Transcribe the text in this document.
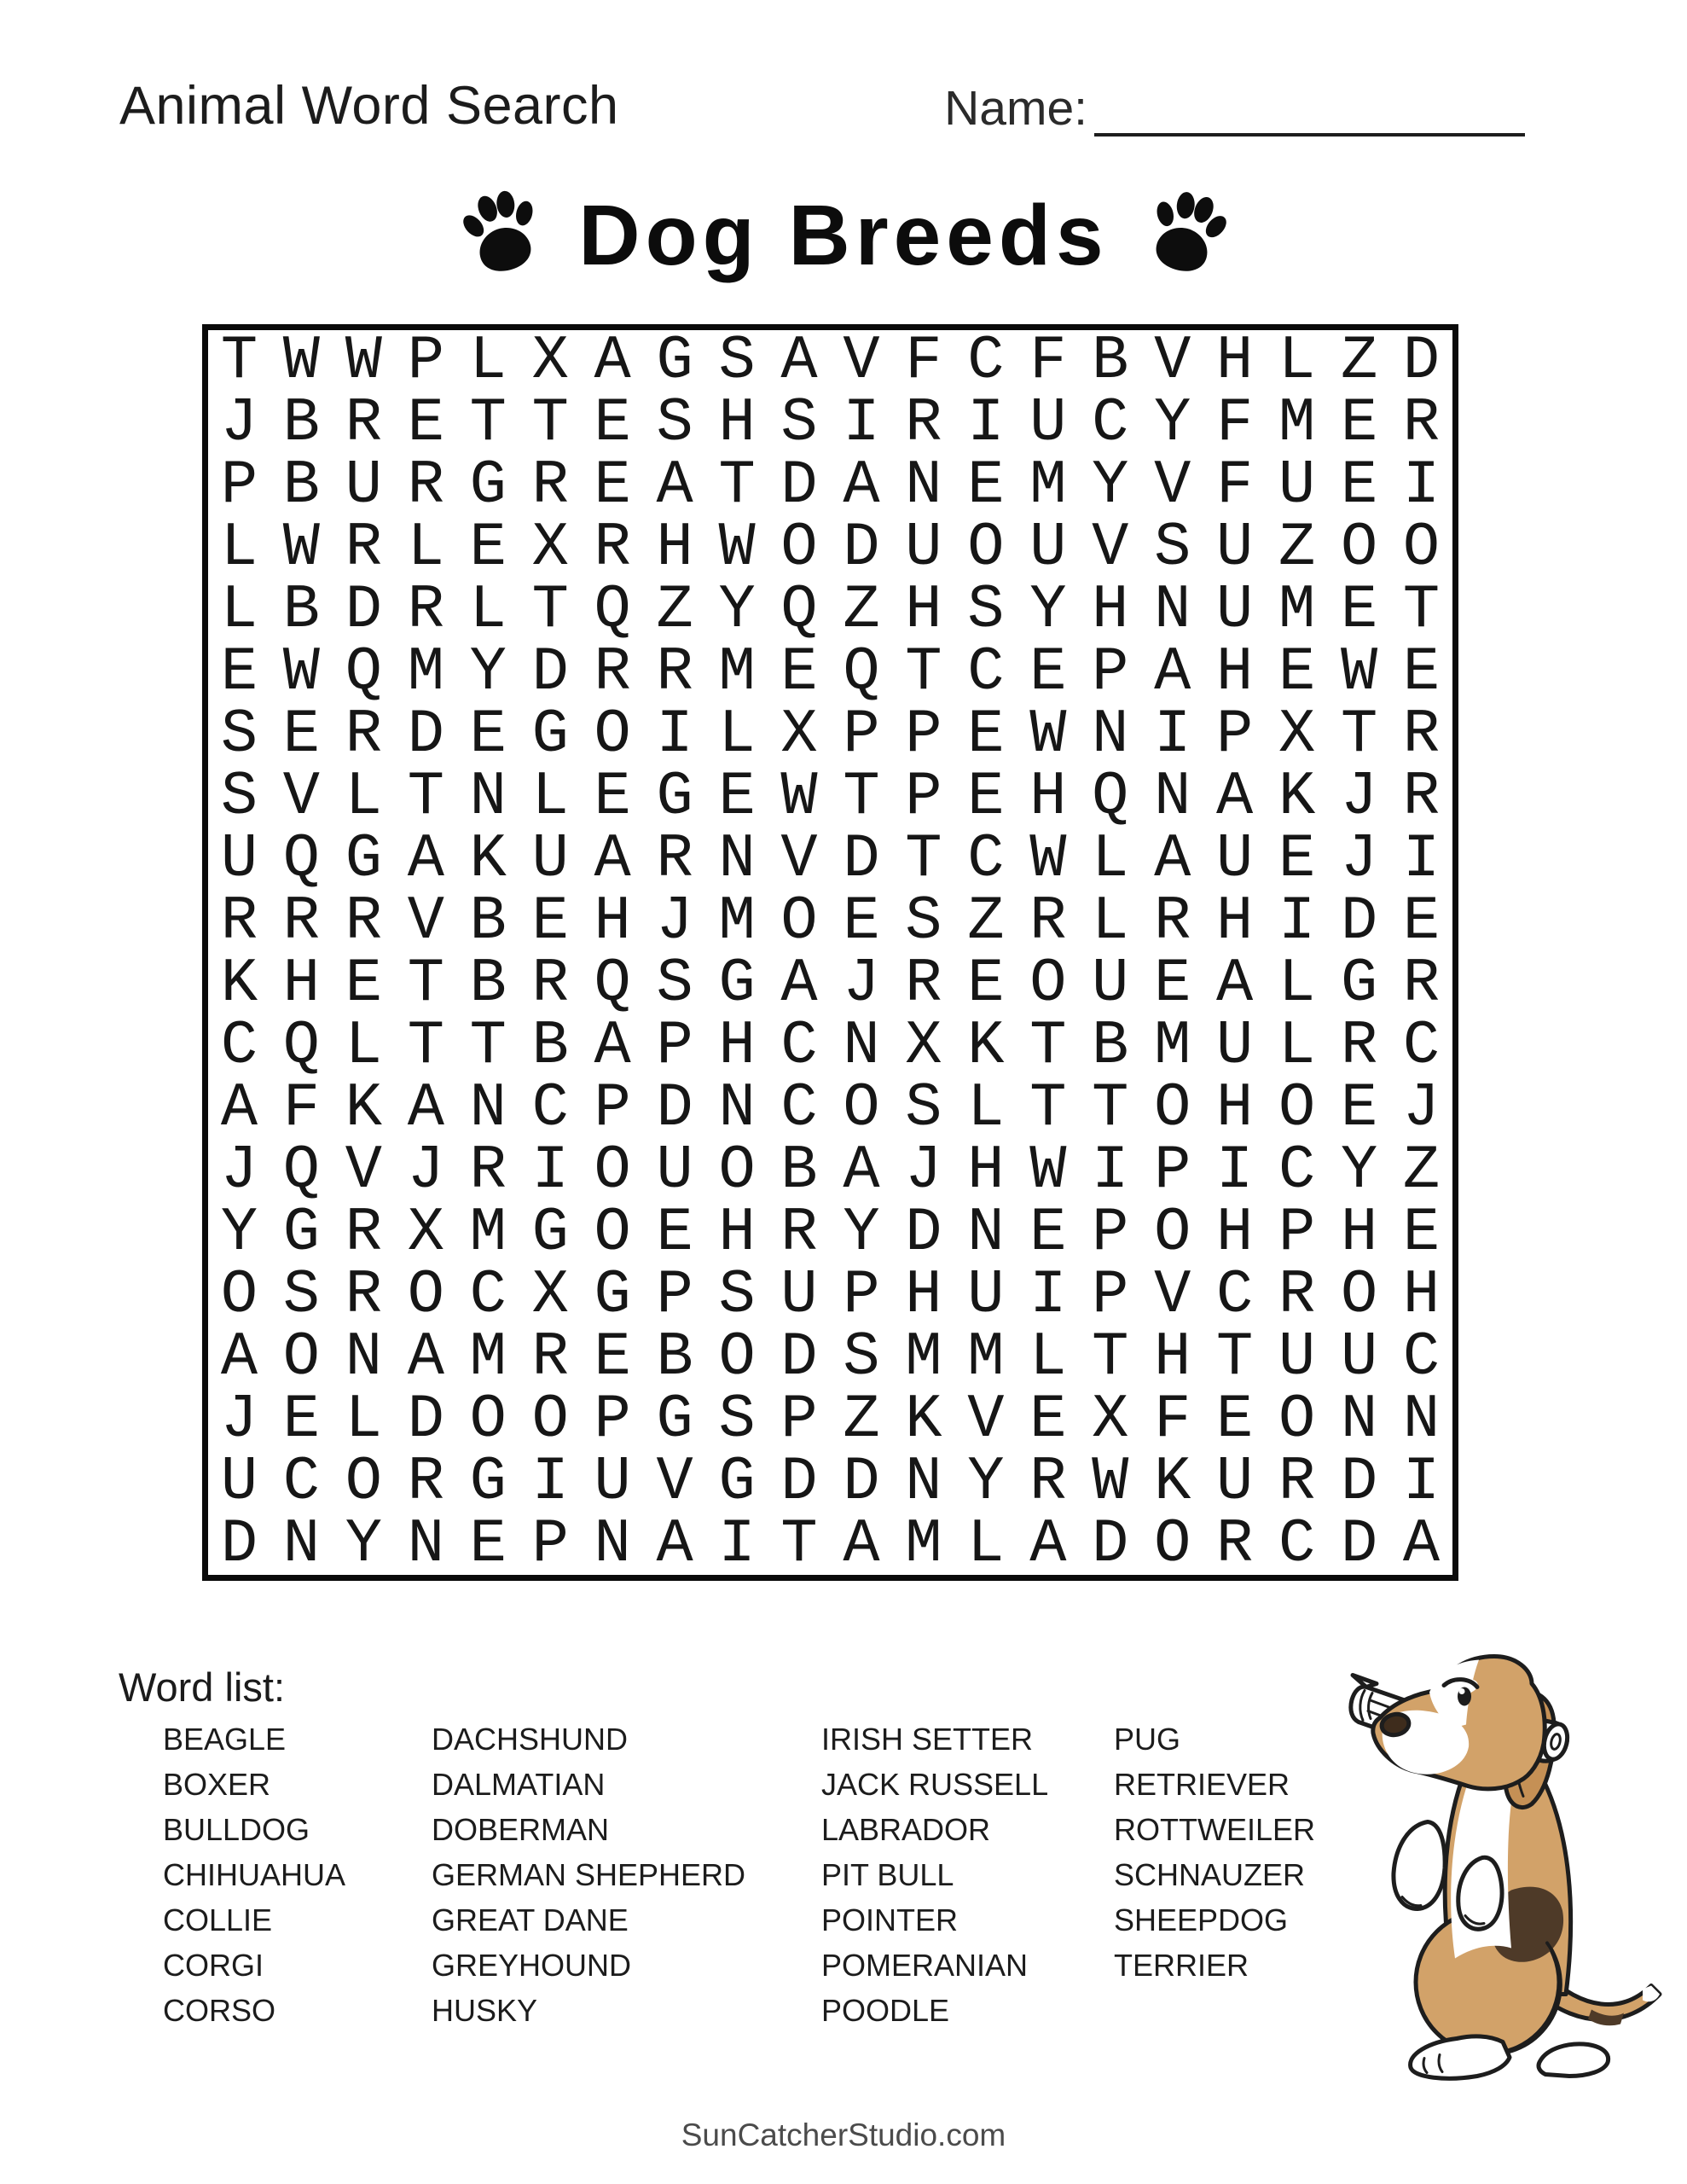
Animal Word Search	Name:
Dog Breeds
T W W P L X A G S A V F C F B V H L Z D
J B R E T T E S H S I R I U C Y F M E R
P B U R G R E A T D A N E M Y V F U E I
L W R L E X R H W O D U O U V S U Z O O
L B D R L T Q Z Y Q Z H S Y H N U M E T
E W Q M Y D R R M E Q T C E P A H E W E
S E R D E G O I L X P P E W N I P X T R
S V L T N L E G E W T P E H Q N A K J R
U Q G A K U A R N V D T C W L A U E J I
R R R V B E H J M O E S Z R L R H I D E
K H E T B R Q S G A J R E O U E A L G R
C Q L T T B A P H C N X K T B M U L R C
A F K A N C P D N C O S L T T O H O E J
J Q V J R I O U O B A J H W I P I C Y Z
Y G R X M G O E H R Y D N E P O H P H E
O S R O C X G P S U P H U I P V C R O H
A O N A M R E B O D S M M L T H T U U C
J E L D O O P G S P Z K V E X F E O N N
U C O R G I U V G D D N Y R W K U R D I
D N Y N E P N A I T A M L A D O R C D A
Word list:
BEAGLE
BOXER
BULLDOG
CHIHUAHUA
COLLIE
CORGI
CORSO
DACHSHUND
DALMATIAN
DOBERMAN
GERMAN SHEPHERD
GREAT DANE
GREYHOUND
HUSKY
IRISH SETTER
JACK RUSSELL
LABRADOR
PIT BULL
POINTER
POMERANIAN
POODLE
PUG
RETRIEVER
ROTTWEILER
SCHNAUZER
SHEEPDOG
TERRIER
SunCatcherStudio.com
